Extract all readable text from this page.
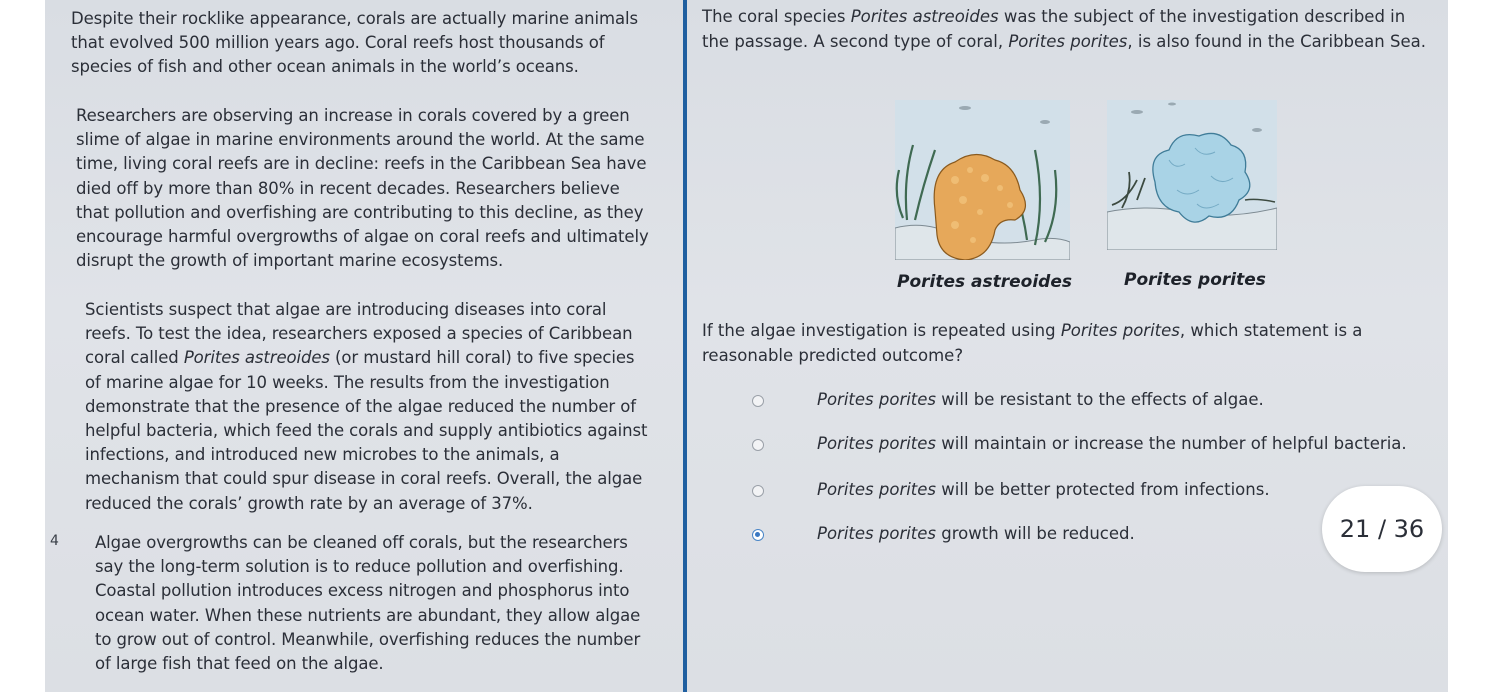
Despite their rocklike appearance, corals are actually marine animals that evolved 500 million years ago. Coral reefs host thousands of species of fish and other ocean animals in the world’s oceans.

Researchers are observing an increase in corals covered by a green slime of algae in marine environments around the world. At the same time, living coral reefs are in decline: reefs in the Caribbean Sea have died off by more than 80% in recent decades. Researchers believe that pollution and overfishing are contributing to this decline, as they encourage harmful overgrowths of algae on coral reefs and ultimately disrupt the growth of important marine ecosystems.

Scientists suspect that algae are introducing diseases into coral reefs. To test the idea, researchers exposed a species of Caribbean coral called Porites astreoides (or mustard hill coral) to five species of marine algae for 10 weeks. The results from the investigation demonstrate that the presence of the algae reduced the number of helpful bacteria, which feed the corals and supply antibiotics against infections, and introduced new microbes to the animals, a mechanism that could spur disease in coral reefs. Overall, the algae reduced the corals’ growth rate by an average of 37%.

4 Algae overgrowths can be cleaned off corals, but the researchers say the long-term solution is to reduce pollution and overfishing. Coastal pollution introduces excess nitrogen and phosphorus into ocean water. When these nutrients are abundant, they allow algae to grow out of control. Meanwhile, overfishing reduces the number of large fish that feed on the algae.

The coral species Porites astreoides was the subject of the investigation described in the passage. A second type of coral, Porites porites, is also found in the Caribbean Sea.

Porites astreoides	Porites porites

If the algae investigation is repeated using Porites porites, which statement is a reasonable predicted outcome?

Porites porites will be resistant to the effects of algae.
Porites porites will maintain or increase the number of helpful bacteria.
Porites porites will be better protected from infections.
Porites porites growth will be reduced.	21 / 36
